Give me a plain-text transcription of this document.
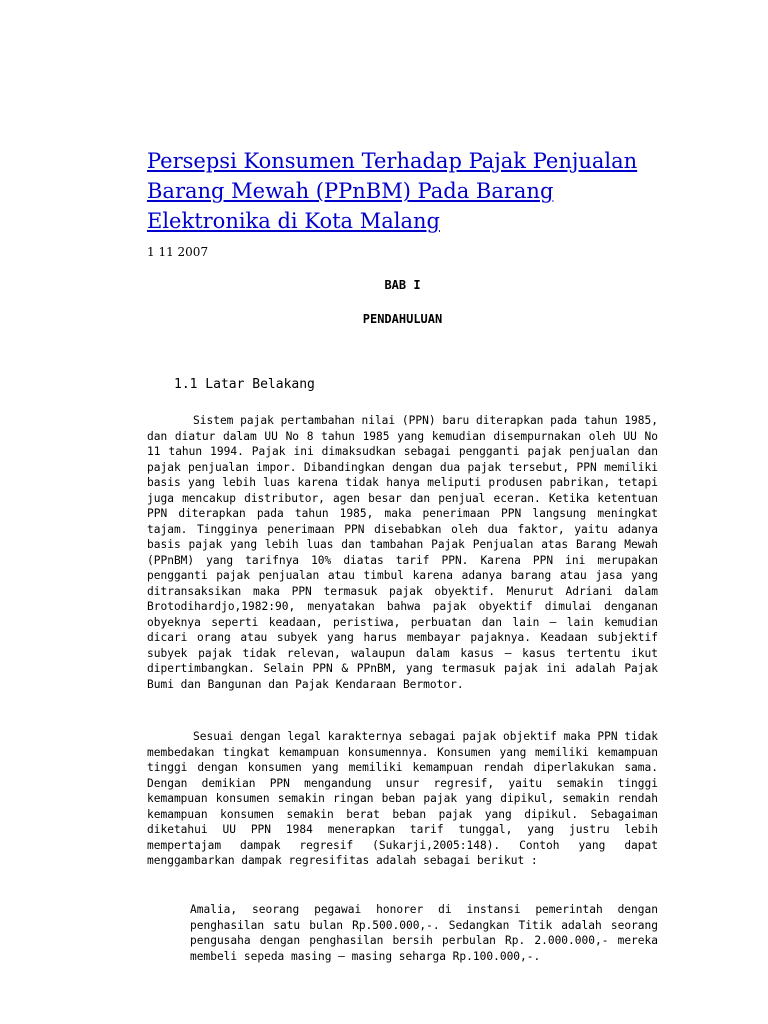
Persepsi Konsumen Terhadap Pajak Penjualan Barang Mewah (PPnBM) Pada Barang Elektronika di Kota Malang
1 11 2007
BAB I
PENDAHULUAN
1.1 Latar Belakang

Sistem pajak pertambahan nilai (PPN) baru diterapkan pada tahun 1985, dan diatur dalam UU No 8 tahun 1985 yang kemudian disempurnakan oleh UU No 11 tahun 1994. Pajak ini dimaksudkan sebagai pengganti pajak penjualan dan pajak penjualan impor. Dibandingkan dengan dua pajak tersebut, PPN memiliki basis yang lebih luas karena tidak hanya meliputi produsen pabrikan, tetapi juga mencakup distributor, agen besar dan penjual eceran. Ketika ketentuan PPN diterapkan pada tahun 1985, maka penerimaan PPN langsung meningkat tajam. Tingginya penerimaan PPN disebabkan oleh dua faktor, yaitu adanya basis pajak yang lebih luas dan tambahan Pajak Penjualan atas Barang Mewah (PPnBM) yang tarifnya 10% diatas tarif PPN. Karena PPN ini merupakan pengganti pajak penjualan atau timbul karena adanya barang atau jasa yang ditransaksikan maka PPN termasuk pajak obyektif. Menurut Adriani dalam Brotodihardjo,1982:90, menyatakan bahwa pajak obyektif dimulai denganan obyeknya seperti keadaan, peristiwa, perbuatan dan lain – lain kemudian dicari orang atau subyek yang harus membayar pajaknya. Keadaan subjektif subyek pajak tidak relevan, walaupun dalam kasus – kasus tertentu ikut dipertimbangkan. Selain PPN & PPnBM, yang termasuk pajak ini adalah Pajak Bumi dan Bangunan dan Pajak Kendaraan Bermotor.

Sesuai dengan legal karakternya sebagai pajak objektif maka PPN tidak membedakan tingkat kemampuan konsumennya. Konsumen yang memiliki kemampuan tinggi dengan konsumen yang memiliki kemampuan rendah diperlakukan sama. Dengan demikian PPN mengandung unsur regresif, yaitu semakin tinggi kemampuan konsumen semakin ringan beban pajak yang dipikul, semakin rendah kemampuan konsumen semakin berat beban pajak yang dipikul. Sebagaiman diketahui UU PPN 1984 menerapkan tarif tunggal, yang justru lebih mempertajam dampak regresif (Sukarji,2005:148). Contoh yang dapat menggambarkan dampak regresifitas adalah sebagai berikut :

Amalia, seorang pegawai honorer di instansi pemerintah dengan penghasilan satu bulan Rp.500.000,-. Sedangkan Titik adalah seorang pengusaha dengan penghasilan bersih perbulan Rp. 2.000.000,- mereka membeli sepeda masing – masing seharga Rp.100.000,-.
